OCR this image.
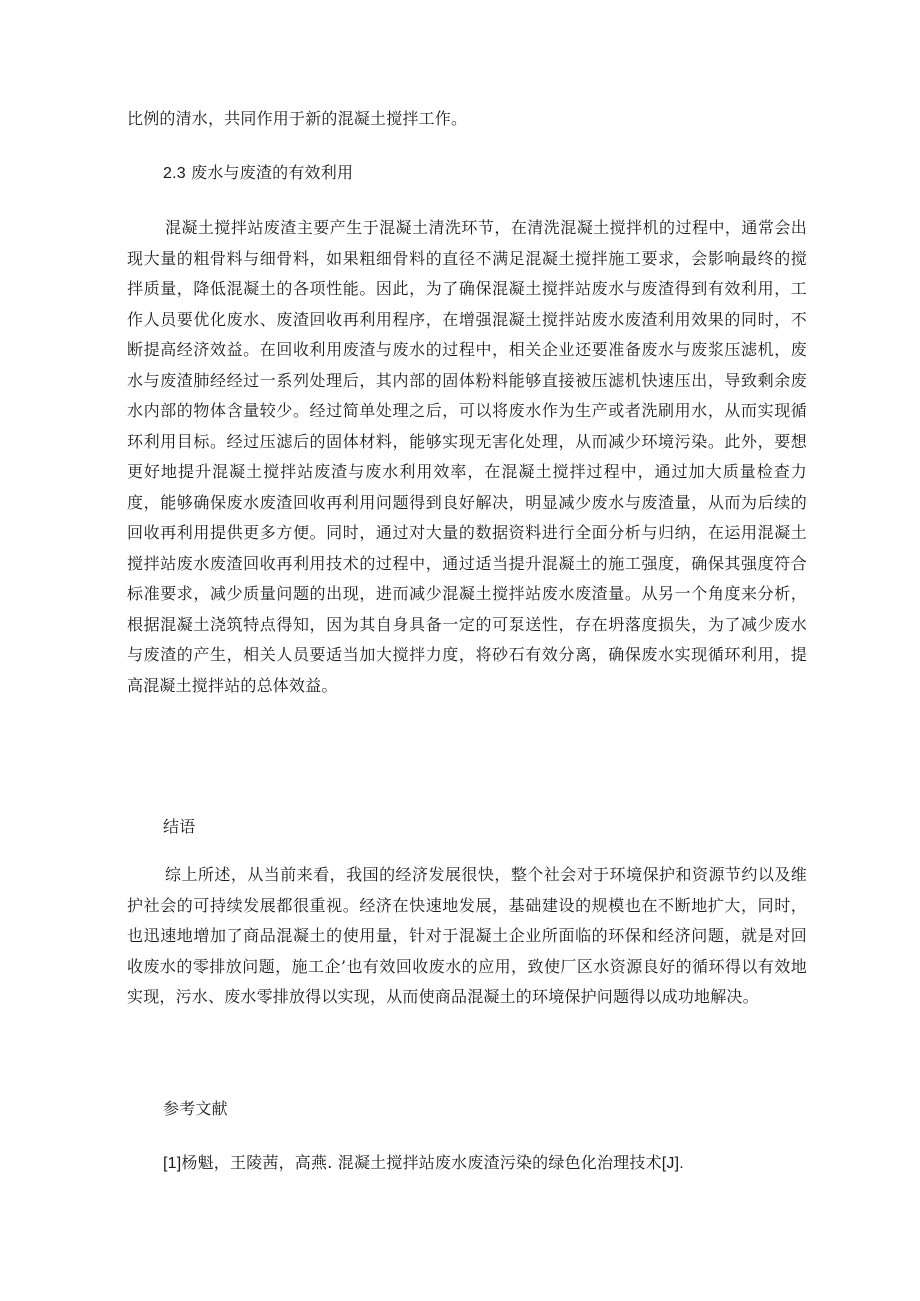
比例的清水，共同作用于新的混凝土搅拌工作。

2.3 废水与废渣的有效利用

混凝土搅拌站废渣主要产生于混凝土清洗环节，在清洗混凝土搅拌机的过程中，通常会出现大量的粗骨料与细骨料，如果粗细骨料的直径不满足混凝土搅拌施工要求，会影响最终的搅拌质量，降低混凝土的各项性能。因此，为了确保混凝土搅拌站废水与废渣得到有效利用，工作人员要优化废水、废渣回收再利用程序，在增强混凝土搅拌站废水废渣利用效果的同时，不断提高经济效益。在回收利用废渣与废水的过程中，相关企业还要准备废水与废浆压滤机，废水与废渣肺经经过一系列处理后，其内部的固体粉料能够直接被压滤机快速压出，导致剩余废水内部的物体含量较少。经过简单处理之后，可以将废水作为生产或者洗刷用水，从而实现循环利用目标。经过压滤后的固体材料，能够实现无害化处理，从而减少环境污染。此外，要想更好地提升混凝土搅拌站废渣与废水利用效率，在混凝土搅拌过程中，通过加大质量检查力度，能够确保废水废渣回收再利用问题得到良好解决，明显减少废水与废渣量，从而为后续的回收再利用提供更多方便。同时，通过对大量的数据资料进行全面分析与归纳，在运用混凝土搅拌站废水废渣回收再利用技术的过程中，通过适当提升混凝土的施工强度，确保其强度符合标准要求，减少质量问题的出现，进而减少混凝土搅拌站废水废渣量。从另一个角度来分析，根据混凝土浇筑特点得知，因为其自身具备一定的可泵送性，存在坍落度损失，为了减少废水与废渣的产生，相关人员要适当加大搅拌力度，将砂石有效分离，确保废水实现循环利用，提高混凝土搅拌站的总体效益。

结语

综上所述，从当前来看，我国的经济发展很快，整个社会对于环境保护和资源节约以及维护社会的可持续发展都很重视。经济在快速地发展，基础建设的规模也在不断地扩大，同时，也迅速地增加了商品混凝土的使用量，针对于混凝土企业所面临的环保和经济问题，就是对回收废水的零排放问题，施工企’也有效回收废水的应用，致使厂区水资源良好的循环得以有效地实现，污水、废水零排放得以实现，从而使商品混凝土的环境保护问题得以成功地解决。

参考文献
[1]杨魁，王陵茜，高燕. 混凝土搅拌站废水废渣污染的绿色化治理技术[J].
